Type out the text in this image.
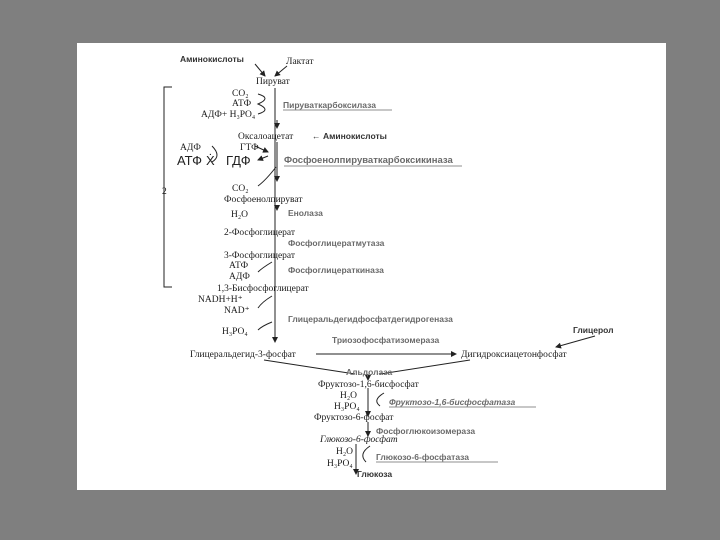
Аминокислоты	Лактат
Пируват
CO₂
АТФ
АДФ+ H₃PO₄
Пируваткарбоксилаза
Оксалоацетат ← Аминокислоты
АДФ	ГТФ
АТФ Ẋ ГДФ	Фосфоенолпируваткарбоксикиназа
CO₂
2
Фосфоенолпируват
H₂O	Енолаза
2-Фосфоглицерат
Фосфоглицератмутаза
3-Фосфоглицерат
АТФ	Фосфоглицераткиназа
АДФ
1,3-Бисфосфоглицерат
NADH+H⁺
NAD⁺
Глицеральдегидфосфатдегидрогеназа
H₃PO₄
Глицеральдегид-3-фосфат
Триозофосфатизомераза
Дигидроксиацетонфосфат
Глицерол
Альдолаза
Фруктозо-1,6-бисфосфат
H₂O
Фруктозо-1,6-бисфосфатаза
H₃PO₄
Фруктозо-6-фосфат
Фосфоглюкоизомераза
Глюкозо-6-фосфат
H₂O	Глюкозо-6-фосфатаза
H₃PO₄
Глюкоза
